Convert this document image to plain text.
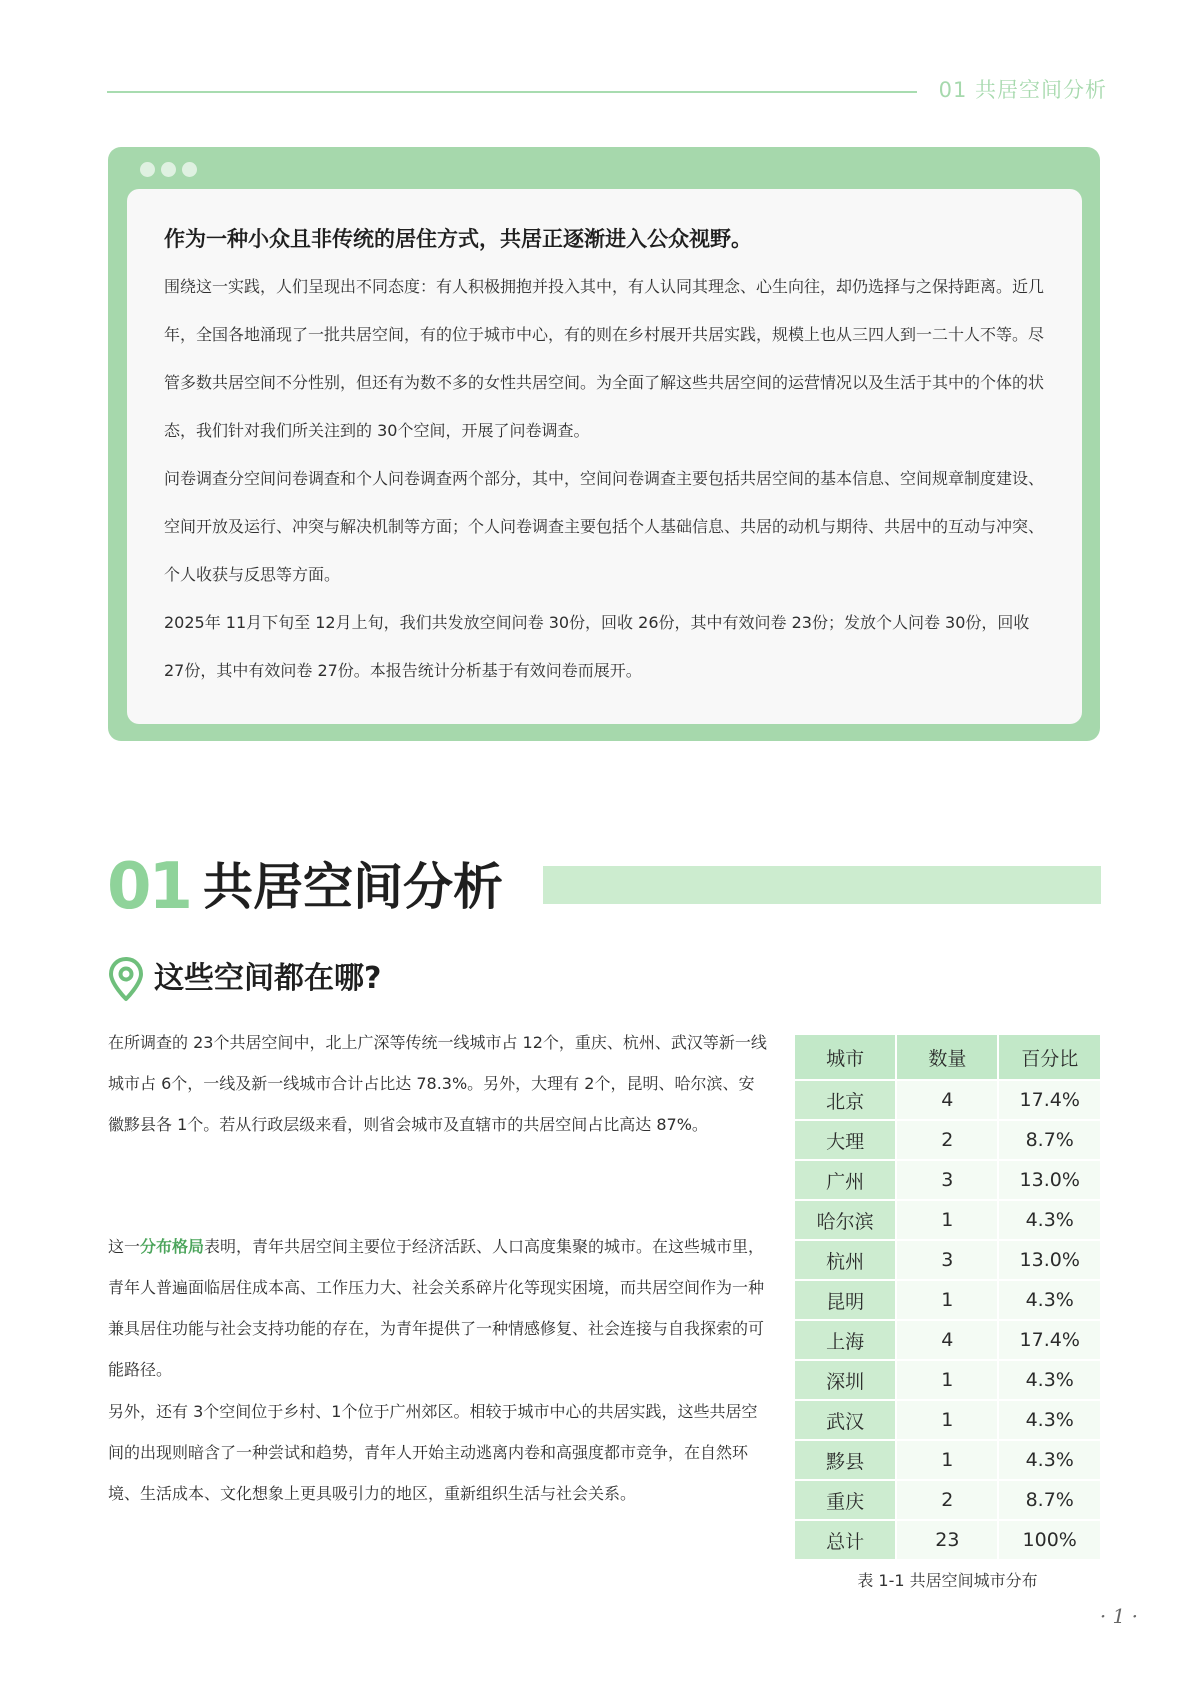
01 共居空间分析

作为一种小众且非传统的居住方式，共居正逐渐进入公众视野。

围绕这一实践，人们呈现出不同态度：有人积极拥抱并投入其中，有人认同其理念、心生向往，却仍选择与之保持距离。近几年，全国各地涌现了一批共居空间，有的位于城市中心，有的则在乡村展开共居实践，规模上也从三四人到一二十人不等。尽管多数共居空间不分性别，但还有为数不多的女性共居空间。为全面了解这些共居空间的运营情况以及生活于其中的个体的状态，我们针对我们所关注到的 30个空间，开展了问卷调查。

问卷调查分空间问卷调查和个人问卷调查两个部分，其中，空间问卷调查主要包括共居空间的基本信息、空间规章制度建设、空间开放及运行、冲突与解决机制等方面；个人问卷调查主要包括个人基础信息、共居的动机与期待、共居中的互动与冲突、个人收获与反思等方面。

2025年 11月下旬至 12月上旬，我们共发放空间问卷 30份，回收 26份，其中有效问卷 23份；发放个人问卷 30份，回收 27份，其中有效问卷 27份。本报告统计分析基于有效问卷而展开。

01 共居空间分析
这些空间都在哪?

在所调查的 23个共居空间中，北上广深等传统一线城市占 12个，重庆、杭州、武汉等新一线城市占 6个，一线及新一线城市合计占比达 78.3%。另外，大理有 2个，昆明、哈尔滨、安徽黟县各 1个。若从行政层级来看，则省会城市及直辖市的共居空间占比高达 87%。

这一分布格局表明，青年共居空间主要位于经济活跃、人口高度集聚的城市。在这些城市里，青年人普遍面临居住成本高、工作压力大、社会关系碎片化等现实困境，而共居空间作为一种兼具居住功能与社会支持功能的存在，为青年提供了一种情感修复、社会连接与自我探索的可能路径。

另外，还有 3个空间位于乡村、1个位于广州郊区。相较于城市中心的共居实践，这些共居空间的出现则暗含了一种尝试和趋势，青年人开始主动逃离内卷和高强度都市竞争，在自然环境、生活成本、文化想象上更具吸引力的地区，重新组织生活与社会关系。

城市	数量	百分比
北京	4	17.4%
大理	2	8.7%
广州	3	13.0%
哈尔滨	1	4.3%
杭州	3	13.0%
昆明	1	4.3%
上海	4	17.4%
深圳	1	4.3%
武汉	1	4.3%
黟县	1	4.3%
重庆	2	8.7%
总计	23	100%
表 1-1 共居空间城市分布
· 1 ·
